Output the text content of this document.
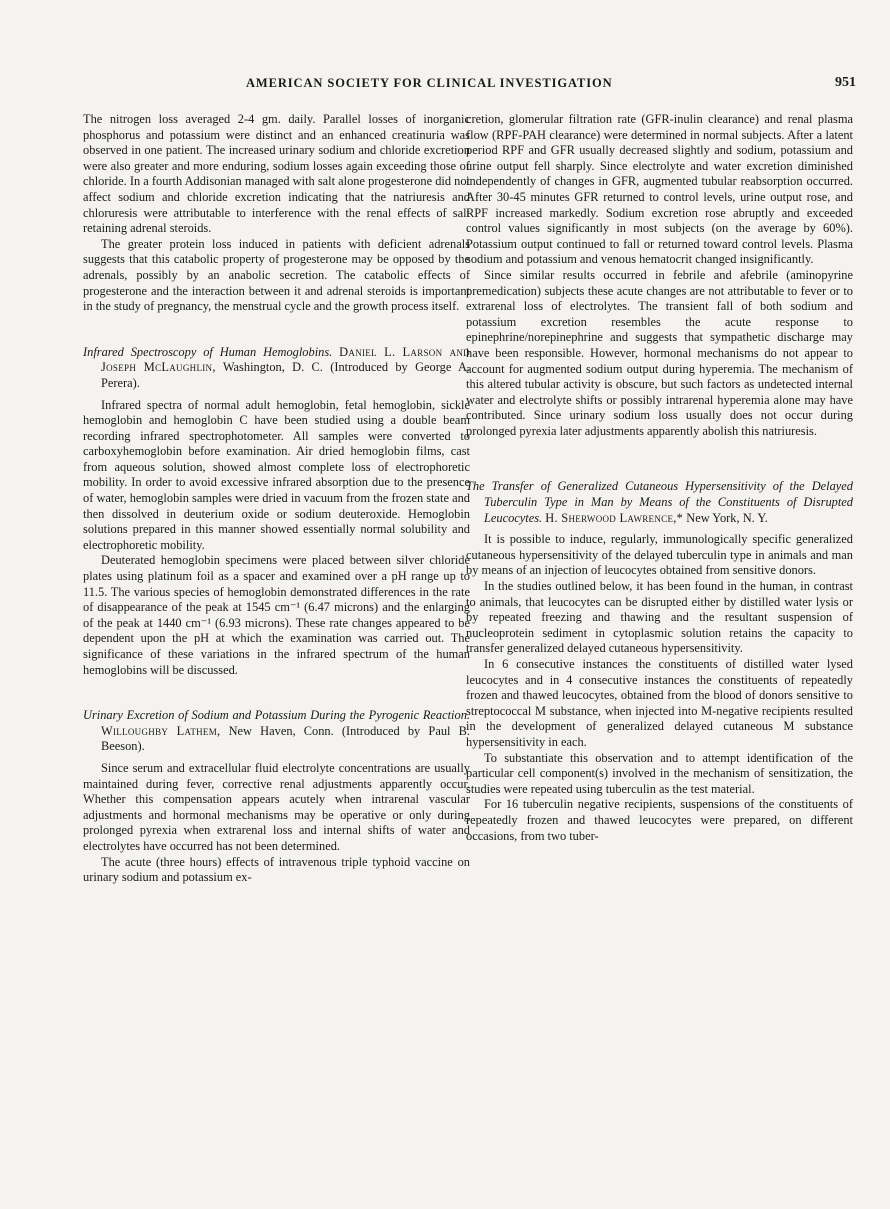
AMERICAN SOCIETY FOR CLINICAL INVESTIGATION	951

The nitrogen loss averaged 2-4 gm. daily. Parallel losses of inorganic phosphorus and potassium were distinct and an enhanced creatinuria was observed in one patient. The increased urinary sodium and chloride excretion were also greater and more enduring, sodium losses again exceeding those of chloride. In a fourth Addisonian managed with salt alone progesterone did not affect sodium and chloride excretion indicating that the natriuresis and chloruresis were attributable to interference with the renal effects of salt retaining adrenal steroids.

The greater protein loss induced in patients with deficient adrenals suggests that this catabolic property of progesterone may be opposed by the adrenals, possibly by an anabolic secretion. The catabolic effects of progesterone and the interaction between it and adrenal steroids is important in the study of pregnancy, the menstrual cycle and the growth process itself.

Infrared Spectroscopy of Human Hemoglobins. Daniel L. Larson and Joseph McLaughlin, Washington, D. C. (Introduced by George A. Perera).

Infrared spectra of normal adult hemoglobin, fetal hemoglobin, sickle hemoglobin and hemoglobin C have been studied using a double beam recording infrared spectrophotometer. All samples were converted to carboxyhemoglobin before examination. Air dried hemoglobin films, cast from aqueous solution, showed almost complete loss of electrophoretic mobility. In order to avoid excessive infrared absorption due to the presence of water, hemoglobin samples were dried in vacuum from the frozen state and then dissolved in deuterium oxide or sodium deuteroxide. Hemoglobin solutions prepared in this manner showed essentially normal solubility and electrophoretic mobility.

Deuterated hemoglobin specimens were placed between silver chloride plates using platinum foil as a spacer and examined over a pH range up to 11.5. The various species of hemoglobin demonstrated differences in the rate of disappearance of the peak at 1545 cm⁻¹ (6.47 microns) and the enlarging of the peak at 1440 cm⁻¹ (6.93 microns). These rate changes appeared to be dependent upon the pH at which the examination was carried out. The significance of these variations in the infrared spectrum of the human hemoglobins will be discussed.

Urinary Excretion of Sodium and Potassium During the Pyrogenic Reaction. Willoughby Lathem, New Haven, Conn. (Introduced by Paul B. Beeson).

Since serum and extracellular fluid electrolyte concentrations are usually maintained during fever, corrective renal adjustments apparently occur. Whether this compensation appears acutely when intrarenal vascular adjustments and hormonal mechanisms may be operative or only during prolonged pyrexia when extrarenal loss and internal shifts of water and electrolytes have occurred has not been determined.

The acute (three hours) effects of intravenous triple typhoid vaccine on urinary sodium and potassium ex-

cretion, glomerular filtration rate (GFR-inulin clearance) and renal plasma flow (RPF-PAH clearance) were determined in normal subjects. After a latent period RPF and GFR usually decreased slightly and sodium, potassium and urine output fell sharply. Since electrolyte and water excretion diminished independently of changes in GFR, augmented tubular reabsorption occurred. After 30-45 minutes GFR returned to control levels, urine output rose, and RPF increased markedly. Sodium excretion rose abruptly and exceeded control values significantly in most subjects (on the average by 60%). Potassium output continued to fall or returned toward control levels. Plasma sodium and potassium and venous hematocrit changed insignificantly.

Since similar results occurred in febrile and afebrile (aminopyrine premedication) subjects these acute changes are not attributable to fever or to extrarenal loss of electrolytes. The transient fall of both sodium and potassium excretion resembles the acute response to epinephrine/norepinephrine and suggests that sympathetic discharge may have been responsible. However, hormonal mechanisms do not appear to account for augmented sodium output during hyperemia. The mechanism of this altered tubular activity is obscure, but such factors as undetected internal water and electrolyte shifts or possibly intrarenal hyperemia alone may have contributed. Since urinary sodium loss usually does not occur during prolonged pyrexia later adjustments apparently abolish this natriuresis.

The Transfer of Generalized Cutaneous Hypersensitivity of the Delayed Tuberculin Type in Man by Means of the Constituents of Disrupted Leucocytes. H. Sherwood Lawrence,* New York, N. Y.

It is possible to induce, regularly, immunologically specific generalized cutaneous hypersensitivity of the delayed tuberculin type in animals and man by means of an injection of leucocytes obtained from sensitive donors.

In the studies outlined below, it has been found in the human, in contrast to animals, that leucocytes can be disrupted either by distilled water lysis or by repeated freezing and thawing and the resultant suspension of nucleoprotein sediment in cytoplasmic solution retains the capacity to transfer generalized delayed cutaneous hypersensitivity.

In 6 consecutive instances the constituents of distilled water lysed leucocytes and in 4 consecutive instances the constituents of repeatedly frozen and thawed leucocytes, obtained from the blood of donors sensitive to streptococcal M substance, when injected into M-negative recipients resulted in the development of generalized delayed cutaneous M substance hypersensitivity in each.

To substantiate this observation and to attempt identification of the particular cell component(s) involved in the mechanism of sensitization, the studies were repeated using tuberculin as the test material.

For 16 tuberculin negative recipients, suspensions of the constituents of repeatedly frozen and thawed leucocytes were prepared, on different occasions, from two tuber-
